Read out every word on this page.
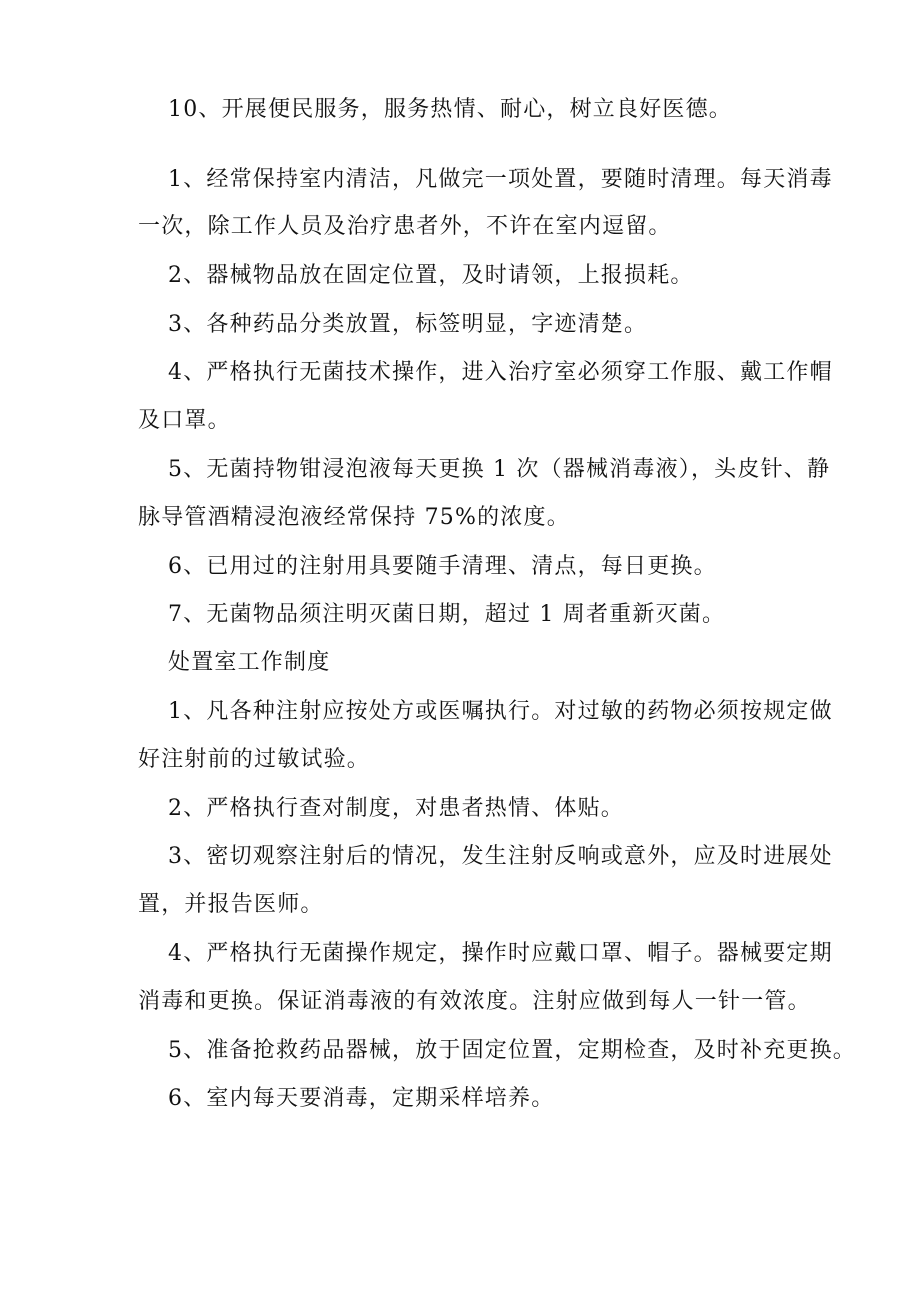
10、开展便民服务，服务热情、耐心，树立良好医德。
1、经常保持室内清洁，凡做完一项处置，要随时清理。每天消毒
一次，除工作人员及治疗患者外，不许在室内逗留。
2、器械物品放在固定位置，及时请领，上报损耗。
3、各种药品分类放置，标签明显，字迹清楚。
4、严格执行无菌技术操作，进入治疗室必须穿工作服、戴工作帽
及口罩。
5、无菌持物钳浸泡液每天更换 1 次（器械消毒液），头皮针、静
脉导管酒精浸泡液经常保持 75%的浓度。
6、已用过的注射用具要随手清理、清点，每日更换。
7、无菌物品须注明灭菌日期，超过 1 周者重新灭菌。
处置室工作制度
1、凡各种注射应按处方或医嘱执行。对过敏的药物必须按规定做
好注射前的过敏试验。
2、严格执行查对制度，对患者热情、体贴。
3、密切观察注射后的情况，发生注射反响或意外，应及时进展处
置，并报告医师。
4、严格执行无菌操作规定，操作时应戴口罩、帽子。器械要定期
消毒和更换。保证消毒液的有效浓度。注射应做到每人一针一管。
5、准备抢救药品器械，放于固定位置，定期检查，及时补充更换。
6、室内每天要消毒，定期采样培养。
